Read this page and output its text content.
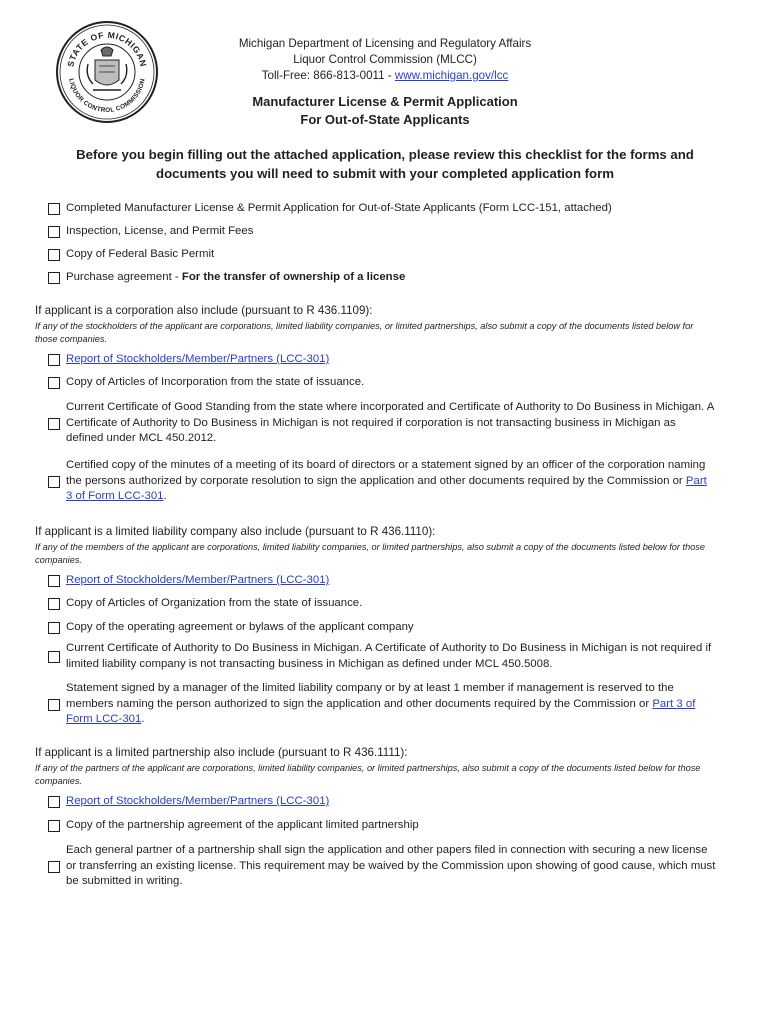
STATE OF MICHIGAN
LIQUOR CONTROL COMMISSION
Michigan Department of Licensing and Regulatory Affairs
Liquor Control Commission (MLCC)
Toll-Free: 866-813-0011 - www.michigan.gov/lcc
Manufacturer License & Permit Application
For Out-of-State Applicants
Before you begin filling out the attached application, please review this checklist for the forms and documents you will need to submit with your completed application form
Completed Manufacturer License & Permit Application for Out-of-State Applicants (Form LCC-151, attached)
Inspection, License, and Permit Fees
Copy of Federal Basic Permit
Purchase agreement - For the transfer of ownership of a license
If applicant is a corporation also include (pursuant to R 436.1109):
If any of the stockholders of the applicant are corporations, limited liability companies, or limited partnerships, also submit a copy of the documents listed below for those companies.
Report of Stockholders/Member/Partners (LCC-301)
Copy of Articles of Incorporation from the state of issuance.
Current Certificate of Good Standing from the state where incorporated and Certificate of Authority to Do Business in Michigan. A Certificate of Authority to Do Business in Michigan is not required if corporation is not transacting business in Michigan as defined under MCL 450.2012.
Certified copy of the minutes of a meeting of its board of directors or a statement signed by an officer of the corporation naming the persons authorized by corporate resolution to sign the application and other documents required by the Commission or Part 3 of Form LCC-301.
If applicant is a limited liability company also include (pursuant to R 436.1110):
If any of the members of the applicant are corporations, limited liability companies, or limited partnerships, also submit a copy of the documents listed below for those companies.
Report of Stockholders/Member/Partners (LCC-301)
Copy of Articles of Organization from the state of issuance.
Copy of the operating agreement or bylaws of the applicant company
Current Certificate of Authority to Do Business in Michigan. A Certificate of Authority to Do Business in Michigan is not required if limited liability company is not transacting business in Michigan as defined under MCL 450.5008.
Statement signed by a manager of the limited liability company or by at least 1 member if management is reserved to the members naming the person authorized to sign the application and other documents required by the Commission or Part 3 of Form LCC-301.
If applicant is a limited partnership also include (pursuant to R 436.1111):
If any of the partners of the applicant are corporations, limited liability companies, or limited partnerships, also submit a copy of the documents listed below for those companies.
Report of Stockholders/Member/Partners (LCC-301)
Copy of the partnership agreement of the applicant limited partnership
Each general partner of a partnership shall sign the application and other papers filed in connection with securing a new license or transferring an existing license. This requirement may be waived by the Commission upon showing of good cause, which must be submitted in writing.
